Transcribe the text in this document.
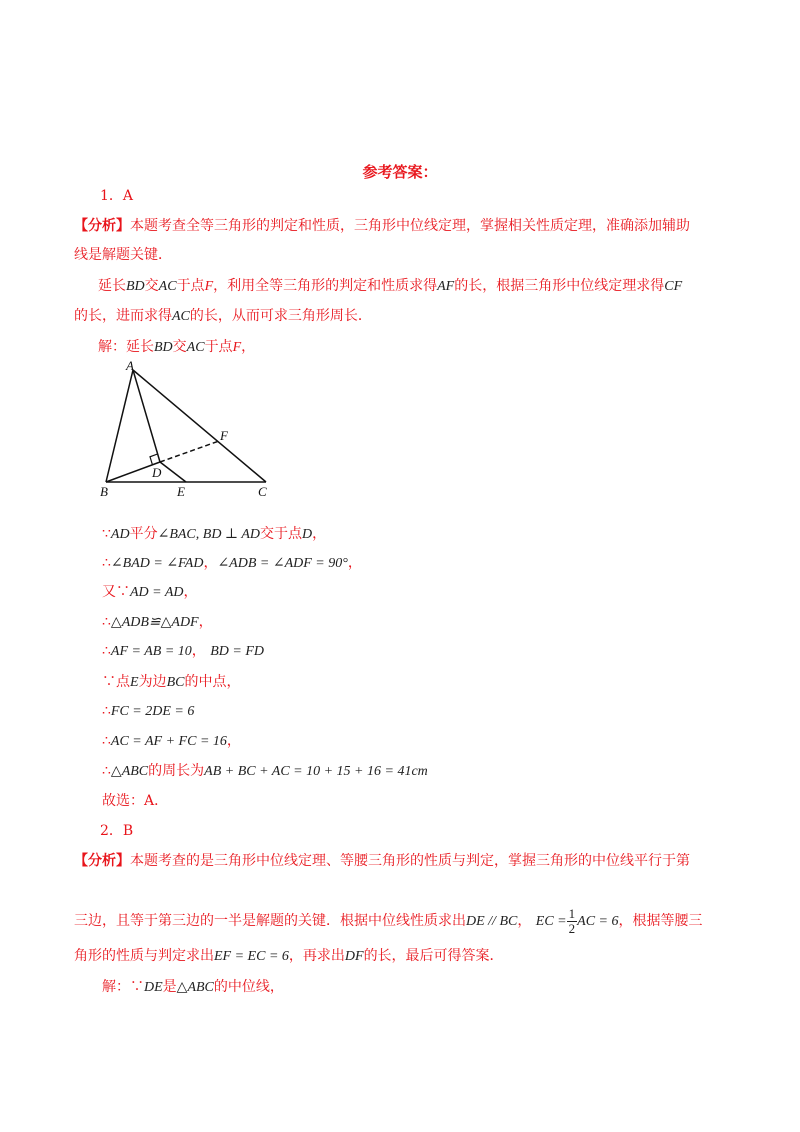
参考答案：
1．A
【分析】本题考查全等三角形的判定和性质，三角形中位线定理，掌握相关性质定理，准确添加辅助
线是解题关键．
延长BD交AC于点F，利用全等三角形的判定和性质求得AF的长，根据三角形中位线定理求得CF
的长，进而求得AC的长，从而可求三角形周长．
解：延长BD交AC于点F，
A
B	C
D
E
F
∵AD平分∠BAC, BD ⊥ AD交于点D，
∴∠BAD = ∠FAD，∠ADB = ∠ADF = 90°，
又∵AD = AD，
∴△ADB≌△ADF，
∴AF = AB = 10， BD = FD
∵点E为边BC的中点，
∴FC = 2DE = 6
∴AC = AF + FC = 16，
∴△ABC的周长为AB + BC + AC = 10 + 15 + 16 = 41cm
故选：A．
2．B
【分析】本题考查的是三角形中位线定理、等腰三角形的性质与判定，掌握三角形的中位线平行于第
三边，且等于第三边的一半是解题的关键．根据中位线性质求出DE // BC， EC = $\frac{1}{2}$ AC = 6，根据等腰三
角形的性质与判定求出EF = EC = 6，再求出DF的长，最后可得答案．
解：∵DE是△ABC的中位线，
